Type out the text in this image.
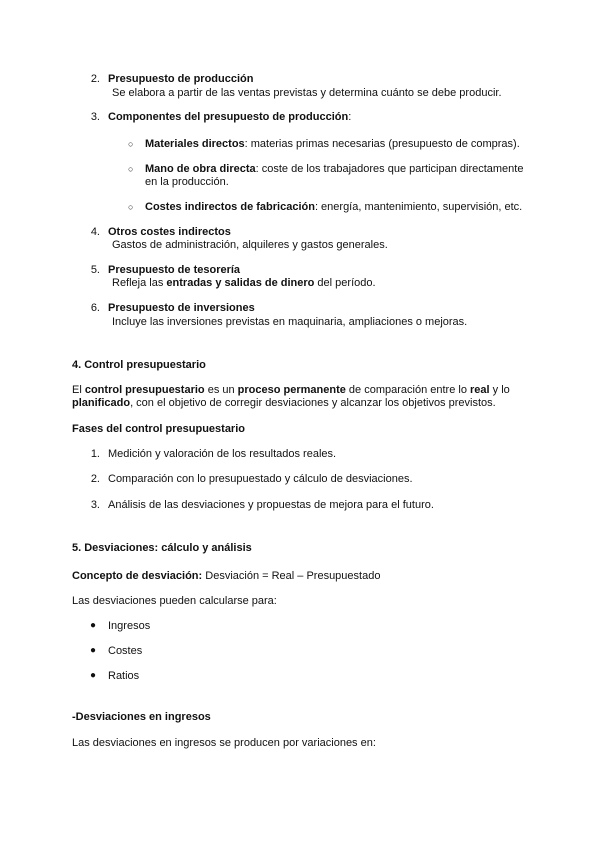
2. Presupuesto de producción
Se elabora a partir de las ventas previstas y determina cuánto se debe producir.
3. Componentes del presupuesto de producción:
○ Materiales directos: materias primas necesarias (presupuesto de compras).
○ Mano de obra directa: coste de los trabajadores que participan directamente
en la producción.
○ Costes indirectos de fabricación: energía, mantenimiento, supervisión, etc.
4. Otros costes indirectos
Gastos de administración, alquileres y gastos generales.
5. Presupuesto de tesorería
Refleja las entradas y salidas de dinero del período.
6. Presupuesto de inversiones
Incluye las inversiones previstas en maquinaria, ampliaciones o mejoras.
4. Control presupuestario
El control presupuestario es un proceso permanente de comparación entre lo real y lo
planificado, con el objetivo de corregir desviaciones y alcanzar los objetivos previstos.
Fases del control presupuestario
1. Medición y valoración de los resultados reales.
2. Comparación con lo presupuestado y cálculo de desviaciones.
3. Análisis de las desviaciones y propuestas de mejora para el futuro.
5. Desviaciones: cálculo y análisis
Concepto de desviación: Desviación = Real – Presupuestado
Las desviaciones pueden calcularse para:
● Ingresos
● Costes
● Ratios
-Desviaciones en ingresos
Las desviaciones en ingresos se producen por variaciones en:
